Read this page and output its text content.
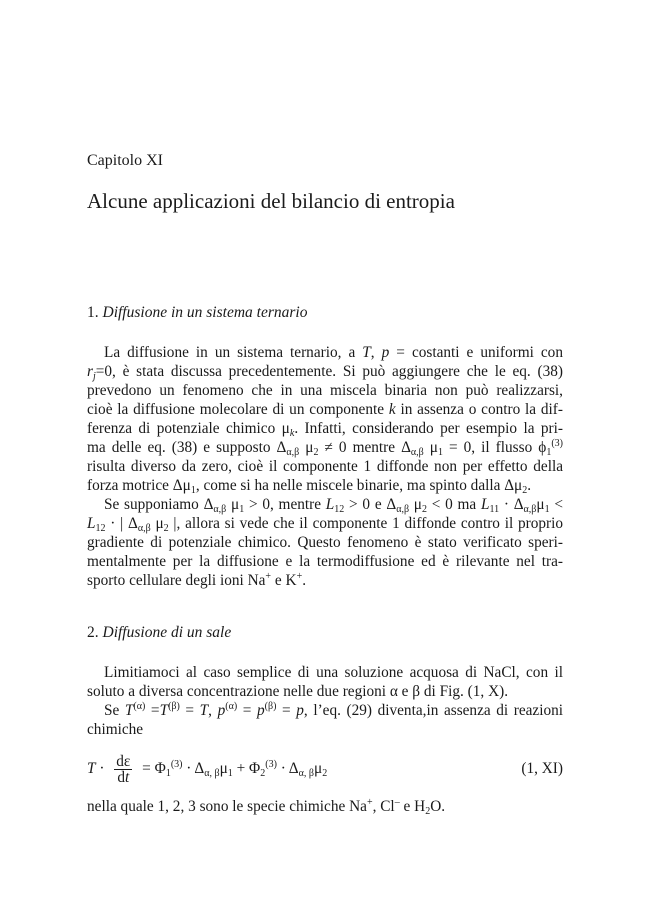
Capitolo XI
Alcune applicazioni del bilancio di entropia
1. Diffusione in un sistema ternario
La diffusione in un sistema ternario, a T, p = costanti e uniformi con
rj=0, è stata discussa precedentemente. Si può aggiungere che le eq. (38)
prevedono un fenomeno che in una miscela binaria non può realizzarsi,
cioè la diffusione molecolare di un componente k in assenza o contro la dif-
ferenza di potenziale chimico μk. Infatti, considerando per esempio la pri-
ma delle eq. (38) e supposto $\Delta_{\alpha,\beta}$ $\mu_2 \ne 0$ mentre $\Delta_{\alpha,\beta}$ $\mu_1 = 0$, il flusso $\phi_1^{(3)}$
risulta diverso da zero, cioè il componente 1 diffonde non per effetto della
forza motrice $\Delta\mu_1$, come si ha nelle miscele binarie, ma spinto dalla $\Delta\mu_2$.
Se supponiamo $\Delta_{\alpha,\beta}$ $\mu_1 > 0$, mentre $L_{12} > 0$ e $\Delta_{\alpha,\beta}$ $\mu_2 < 0$ ma $L_{11} \cdot \Delta_{\alpha,\beta}\mu_1$ <
$L_{12}$ · | $\Delta_{\alpha,\beta}$ $\mu_2$ |, allora si vede che il componente 1 diffonde contro il proprio
gradiente di potenziale chimico. Questo fenomeno è stato verificato speri-
mentalmente per la diffusione e la termodiffusione ed è rilevante nel tra-
sporto cellulare degli ioni Na+ e K+.
2. Diffusione di un sale
Limitiamoci al caso semplice di una soluzione acquosa di NaCl, con il
soluto a diversa concentrazione nelle due regioni α e β di Fig. (1, X).
Se $T^{(\alpha)} =T^{(\beta)} = T$, $p^{(\alpha)} = p^{(\beta)} = p$, l’eq. (29) diventa,in assenza di reazioni
chimiche
$T \cdot \frac{d\varepsilon}{dt} = \Phi_1^{(3)} \cdot \Delta_{\alpha, \beta}\mu_1 + \Phi_2^{(3)} \cdot \Delta_{\alpha, \beta}\mu_2$	(1, XI)
nella quale 1, 2, 3 sono le specie chimiche Na+, Cl– e $H_2O$.
